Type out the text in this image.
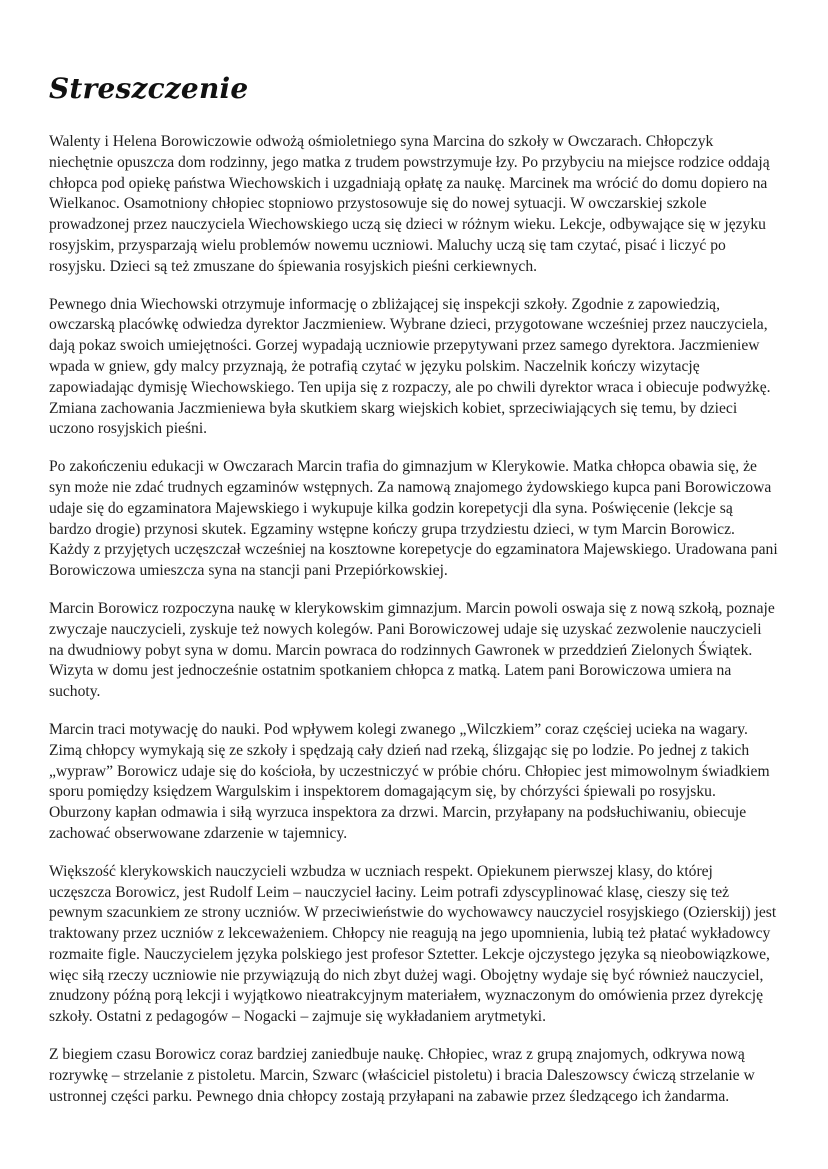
Streszczenie

Walenty i Helena Borowiczowie odwożą ośmioletniego syna Marcina do szkoły w Owczarach. Chłopczyk niechętnie opuszcza dom rodzinny, jego matka z trudem powstrzymuje łzy. Po przybyciu na miejsce rodzice oddają chłopca pod opiekę państwa Wiechowskich i uzgadniają opłatę za naukę. Marcinek ma wrócić do domu dopiero na Wielkanoc. Osamotniony chłopiec stopniowo przystosowuje się do nowej sytuacji. W owczarskiej szkole prowadzonej przez nauczyciela Wiechowskiego uczą się dzieci w różnym wieku. Lekcje, odbywające się w języku rosyjskim, przysparzają wielu problemów nowemu uczniowi. Maluchy uczą się tam czytać, pisać i liczyć po rosyjsku. Dzieci są też zmuszane do śpiewania rosyjskich pieśni cerkiewnych.

Pewnego dnia Wiechowski otrzymuje informację o zbliżającej się inspekcji szkoły. Zgodnie z zapowiedzią, owczarską placówkę odwiedza dyrektor Jaczmieniew. Wybrane dzieci, przygotowane wcześniej przez nauczyciela, dają pokaz swoich umiejętności. Gorzej wypadają uczniowie przepytywani przez samego dyrektora. Jaczmieniew wpada w gniew, gdy malcy przyznają, że potrafią czytać w języku polskim. Naczelnik kończy wizytację zapowiadając dymisję Wiechowskiego. Ten upija się z rozpaczy, ale po chwili dyrektor wraca i obiecuje podwyżkę. Zmiana zachowania Jaczmieniewa była skutkiem skarg wiejskich kobiet, sprzeciwiających się temu, by dzieci uczono rosyjskich pieśni.

Po zakończeniu edukacji w Owczarach Marcin trafia do gimnazjum w Klerykowie. Matka chłopca obawia się, że syn może nie zdać trudnych egzaminów wstępnych. Za namową znajomego żydowskiego kupca pani Borowiczowa udaje się do egzaminatora Majewskiego i wykupuje kilka godzin korepetycji dla syna. Poświęcenie (lekcje są bardzo drogie) przynosi skutek. Egzaminy wstępne kończy grupa trzydziestu dzieci, w tym Marcin Borowicz. Każdy z przyjętych uczęszczał wcześniej na kosztowne korepetycje do egzaminatora Majewskiego. Uradowana pani Borowiczowa umieszcza syna na stancji pani Przepiórkowskiej.

Marcin Borowicz rozpoczyna naukę w klerykowskim gimnazjum. Marcin powoli oswaja się z nową szkołą, poznaje zwyczaje nauczycieli, zyskuje też nowych kolegów. Pani Borowiczowej udaje się uzyskać zezwolenie nauczycieli na dwudniowy pobyt syna w domu. Marcin powraca do rodzinnych Gawronek w przeddzień Zielonych Świątek. Wizyta w domu jest jednocześnie ostatnim spotkaniem chłopca z matką. Latem pani Borowiczowa umiera na suchoty.

Marcin traci motywację do nauki. Pod wpływem kolegi zwanego „Wilczkiem” coraz częściej ucieka na wagary. Zimą chłopcy wymykają się ze szkoły i spędzają cały dzień nad rzeką, ślizgając się po lodzie. Po jednej z takich „wypraw” Borowicz udaje się do kościoła, by uczestniczyć w próbie chóru. Chłopiec jest mimowolnym świadkiem sporu pomiędzy księdzem Wargulskim i inspektorem domagającym się, by chórzyści śpiewali po rosyjsku. Oburzony kapłan odmawia i siłą wyrzuca inspektora za drzwi. Marcin, przyłapany na podsłuchiwaniu, obiecuje zachować obserwowane zdarzenie w tajemnicy.

Większość klerykowskich nauczycieli wzbudza w uczniach respekt. Opiekunem pierwszej klasy, do której uczęszcza Borowicz, jest Rudolf Leim – nauczyciel łaciny. Leim potrafi zdyscyplinować klasę, cieszy się też pewnym szacunkiem ze strony uczniów. W przeciwieństwie do wychowawcy nauczyciel rosyjskiego (Ozierskij) jest traktowany przez uczniów z lekceważeniem. Chłopcy nie reagują na jego upomnienia, lubią też płatać wykładowcy rozmaite figle. Nauczycielem języka polskiego jest profesor Sztetter. Lekcje ojczystego języka są nieobowiązkowe, więc siłą rzeczy uczniowie nie przywiązują do nich zbyt dużej wagi. Obojętny wydaje się być również nauczyciel, znudzony późną porą lekcji i wyjątkowo nieatrakcyjnym materiałem, wyznaczonym do omówienia przez dyrekcję szkoły. Ostatni z pedagogów – Nogacki – zajmuje się wykładaniem arytmetyki.

Z biegiem czasu Borowicz coraz bardziej zaniedbuje naukę. Chłopiec, wraz z grupą znajomych, odkrywa nową rozrywkę – strzelanie z pistoletu. Marcin, Szwarc (właściciel pistoletu) i bracia Daleszowscy ćwiczą strzelanie w ustronnej części parku. Pewnego dnia chłopcy zostają przyłapani na zabawie przez śledzącego ich żandarma.
